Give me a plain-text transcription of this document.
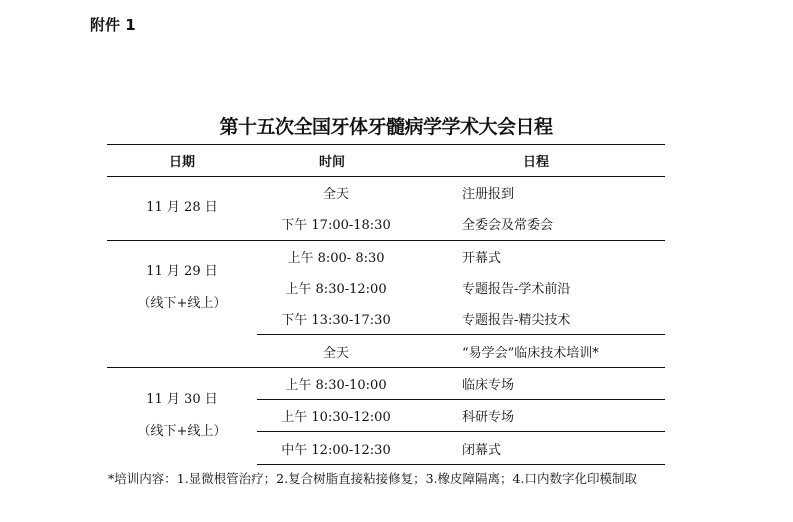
附件 1
第十五次全国牙体牙髓病学学术大会日程
日期	时间	日程

11 月 28 日	全天	注册报到
	下午 17:00-18:30	全委会及常委会

11 月 29 日
（线下+线上）	上午 8:00- 8:30	开幕式
	上午 8:30-12:00	专题报告-学术前沿
	下午 13:30-17:30	专题报告-精尖技术
	全天	“易学会”临床技术培训*

11 月 30 日
（线下+线上）	上午 8:30-10:00	临床专场
	上午 10:30-12:00	科研专场
	中午 12:00-12:30	闭幕式
*培训内容：1.显微根管治疗；2.复合树脂直接粘接修复；3.橡皮障隔离；4.口内数字化印模制取
